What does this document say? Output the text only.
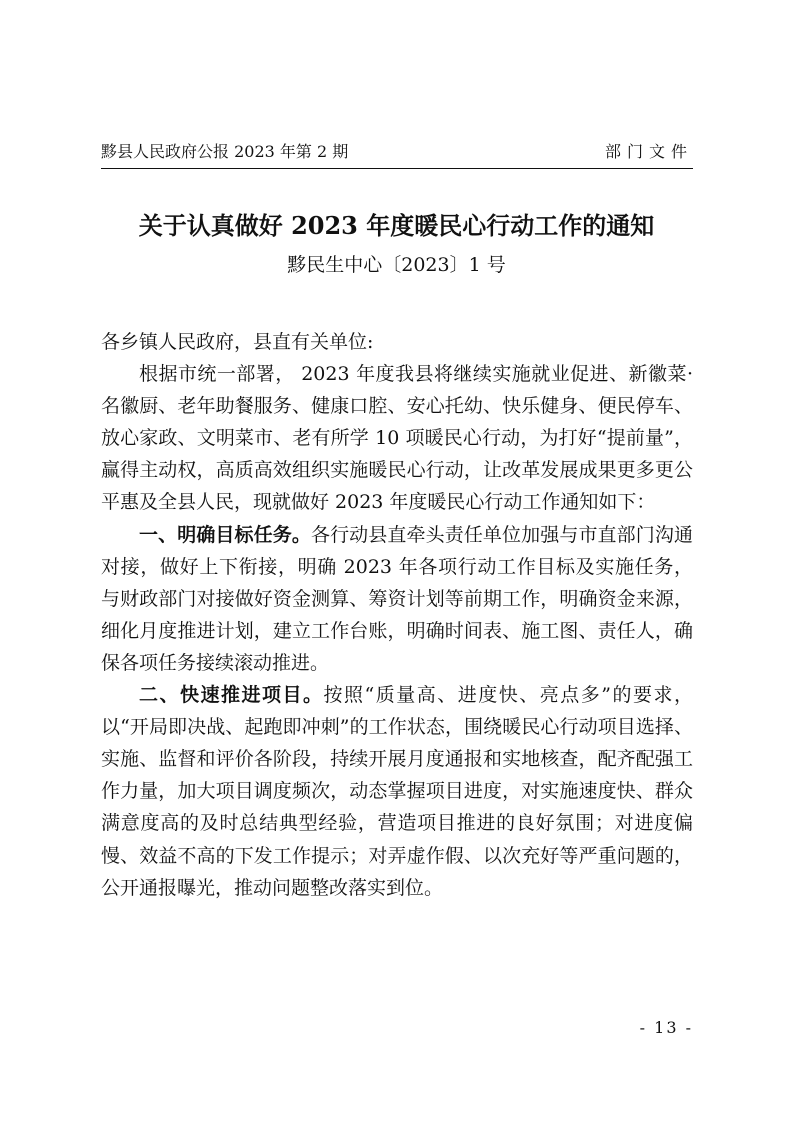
黟县人民政府公报 2023 年第 2 期	部门文件
关于认真做好 2023 年度暖民心行动工作的通知
黟民生中心〔2023〕1 号

各乡镇人民政府，县直有关单位:

根据市统一部署， 2023 年度我县将继续实施就业促进、新徽菜·名徽厨、老年助餐服务、健康口腔、安心托幼、快乐健身、便民停车、放心家政、文明菜市、老有所学 10 项暖民心行动，为打好“提前量”，赢得主动权，高质高效组织实施暖民心行动，让改革发展成果更多更公平惠及全县人民，现就做好 2023 年度暖民心行动工作通知如下：

一、明确目标任务。各行动县直牵头责任单位加强与市直部门沟通对接，做好上下衔接，明确 2023 年各项行动工作目标及实施任务，与财政部门对接做好资金测算、筹资计划等前期工作，明确资金来源，细化月度推进计划，建立工作台账，明确时间表、施工图、责任人，确保各项任务接续滚动推进。

二、快速推进项目。按照“质量高、进度快、亮点多”的要求，以“开局即决战、起跑即冲刺”的工作状态，围绕暖民心行动项目选择、实施、监督和评价各阶段，持续开展月度通报和实地核查，配齐配强工作力量，加大项目调度频次，动态掌握项目进度，对实施速度快、群众满意度高的及时总结典型经验，营造项目推进的良好氛围；对进度偏慢、效益不高的下发工作提示；对弄虚作假、以次充好等严重问题的，公开通报曝光，推动问题整改落实到位。

- 13 -
